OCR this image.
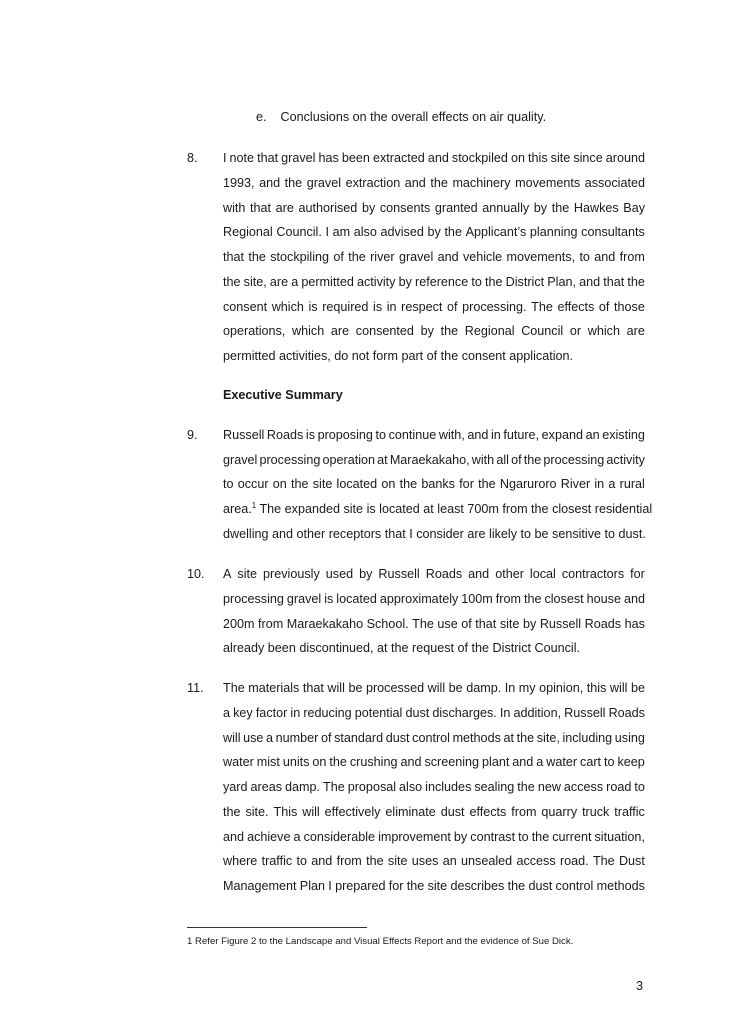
e. Conclusions on the overall effects on air quality.
8. I note that gravel has been extracted and stockpiled on this site since around
1993, and the gravel extraction and the machinery movements associated
with that are authorised by consents granted annually by the Hawkes Bay
Regional Council. I am also advised by the Applicant’s planning consultants
that the stockpiling of the river gravel and vehicle movements, to and from
the site, are a permitted activity by reference to the District Plan, and that the
consent which is required is in respect of processing. The effects of those
operations, which are consented by the Regional Council or which are
permitted activities, do not form part of the consent application.
Executive Summary
9. Russell Roads is proposing to continue with, and in future, expand an existing
gravel processing operation at Maraekakaho, with all of the processing activity
to occur on the site located on the banks for the Ngaruroro River in a rural
area.$^1$ The expanded site is located at least 700m from the closest residential
dwelling and other receptors that I consider are likely to be sensitive to dust.
10. A site previously used by Russell Roads and other local contractors for
processing gravel is located approximately 100m from the closest house and
200m from Maraekakaho School. The use of that site by Russell Roads has
already been discontinued, at the request of the District Council.
11. The materials that will be processed will be damp. In my opinion, this will be
a key factor in reducing potential dust discharges. In addition, Russell Roads
will use a number of standard dust control methods at the site, including using
water mist units on the crushing and screening plant and a water cart to keep
yard areas damp. The proposal also includes sealing the new access road to
the site. This will effectively eliminate dust effects from quarry truck traffic
and achieve a considerable improvement by contrast to the current situation,
where traffic to and from the site uses an unsealed access road. The Dust
Management Plan I prepared for the site describes the dust control methods
1 Refer Figure 2 to the Landscape and Visual Effects Report and the evidence of Sue Dick.
3
